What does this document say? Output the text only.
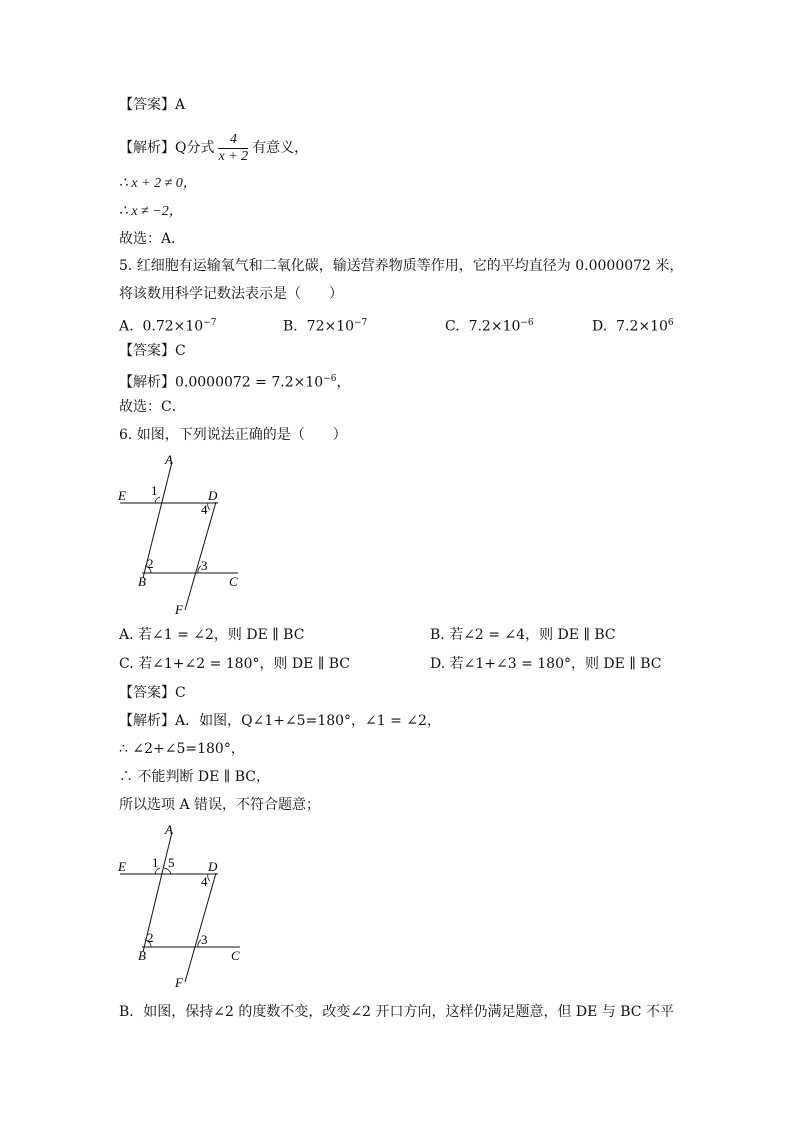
【答案】A
【解析】Q分式 $\frac{4}{x + 2}$ 有意义，
∴ x + 2 ≠ 0，
∴ x ≠ −2，
故选：A．
5. 红细胞有运输氧气和二氧化碳，输送营养物质等作用，它的平均直径为 0.0000072 米，
将该数用科学记数法表示是（　　）
A. $0.72\times 10^{-7}$	B. $72\times 10^{-7}$	C. $7.2\times 10^{-6}$	D. $7.2\times 10^6$
【答案】C
【解析】$0.0000072 = 7.2\times 10^{-6}$，
故选：C．
6. 如图，下列说法正确的是（　　）
A
E 1	D
4
2	3
B	C
F
A. 若∠1 = ∠2，则 DE ∥ BC	B. 若∠2 = ∠4，则 DE ∥ BC
C. 若∠1+∠2 = 180°，则 DE ∥ BC	D. 若∠1+∠3 = 180°，则 DE ∥ BC
【答案】C
【解析】A．如图，Q∠1+∠5=180°，∠1 = ∠2，
∴ ∠2+∠5=180°，
∴ 不能判断 DE ∥ BC，
所以选项 A 错误，不符合题意；
A
E 1 5	D
4
2	3
B	C
F
B．如图，保持∠2 的度数不变，改变∠2 开口方向，这样仍满足题意，但 DE 与 BC 不平
